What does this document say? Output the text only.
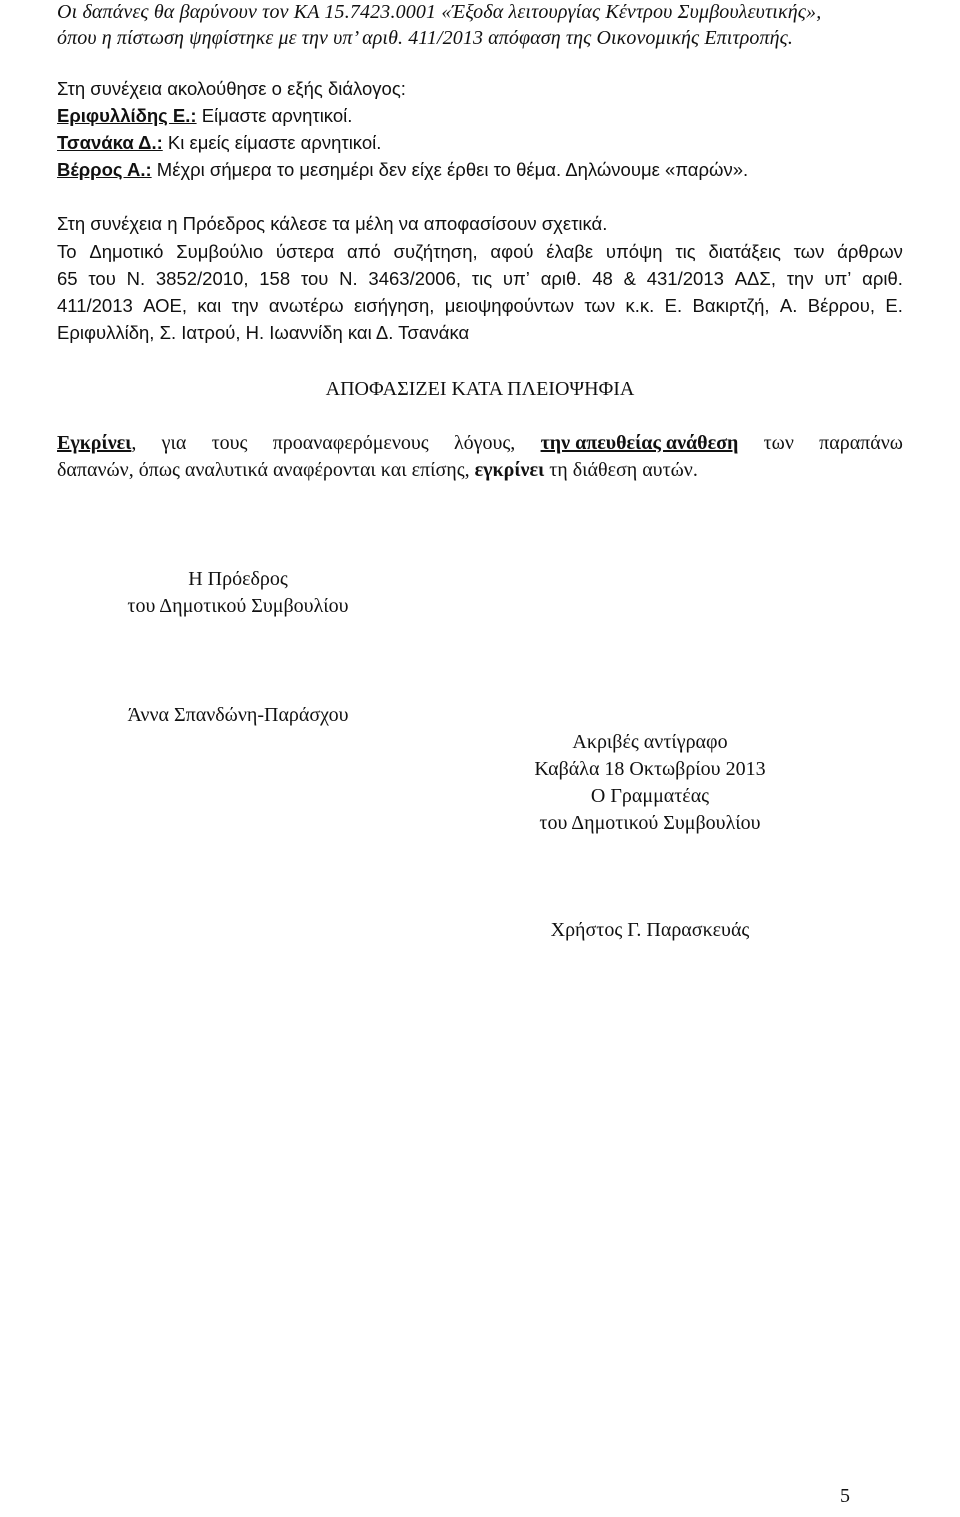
Οι δαπάνες θα βαρύνουν τον ΚΑ 15.7423.0001 «Έξοδα λειτουργίας Κέντρου Συμβουλευτικής»,
όπου η πίστωση ψηφίστηκε με την υπ’ αριθ. 411/2013 απόφαση της Οικονομικής Επιτροπής.
Στη συνέχεια ακολούθησε ο εξής διάλογος:
Εριφυλλίδης Ε.: Είμαστε αρνητικοί.
Τσανάκα Δ.: Κι εμείς είμαστε αρνητικοί.
Βέρρος Α.: Μέχρι σήμερα το μεσημέρι δεν είχε έρθει το θέμα. Δηλώνουμε «παρών».
Στη συνέχεια η Πρόεδρος κάλεσε τα μέλη να αποφασίσουν σχετικά.
Το Δημοτικό Συμβούλιο ύστερα από συζήτηση, αφού έλαβε υπόψη τις διατάξεις των άρθρων
65 του Ν. 3852/2010, 158 του Ν. 3463/2006, τις υπ’ αριθ. 48 & 431/2013 ΑΔΣ, την υπ’ αριθ.
411/2013 ΑΟΕ, και την ανωτέρω εισήγηση, μειοψηφούντων των κ.κ. Ε. Βακιρτζή, Α. Βέρρου, Ε.
Εριφυλλίδη, Σ. Ιατρού, Η. Ιωαννίδη και Δ. Τσανάκα
ΑΠΟΦΑΣΙΖΕΙ ΚΑΤΑ ΠΛΕΙΟΨΗΦΙΑ
Εγκρίνει, για τους προαναφερόμενους λόγους, την απευθείας ανάθεση των παραπάνω
δαπανών, όπως αναλυτικά αναφέρονται και επίσης, εγκρίνει τη διάθεση αυτών.
Η Πρόεδρος
του Δημοτικού Συμβουλίου
Άννα Σπανδώνη-Παράσχου
Ακριβές αντίγραφο
Καβάλα 18 Οκτωβρίου 2013
Ο Γραμματέας
του Δημοτικού Συμβουλίου
Χρήστος Γ. Παρασκευάς
5
